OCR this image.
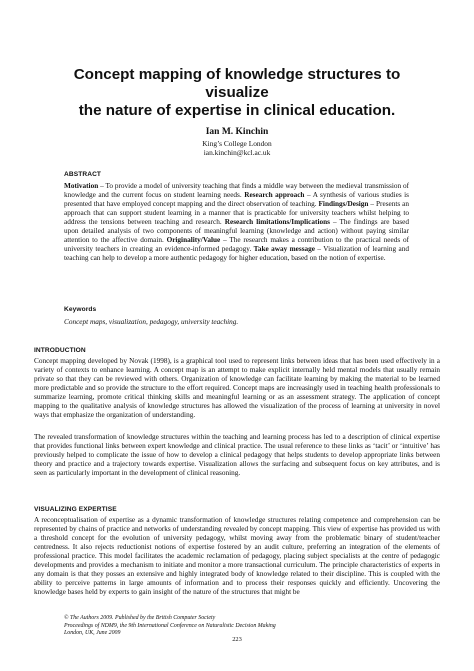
Concept mapping of knowledge structures to visualize
the nature of expertise in clinical education.
Ian M. Kinchin
King’s College London
ian.kinchin@kcl.ac.uk
ABSTRACT
Motivation – To provide a model of university teaching that finds a middle way between the medieval transmission of knowledge and the current focus on student learning needs. Research approach – A synthesis of various studies is presented that have employed concept mapping and the direct observation of teaching. Findings/Design – Presents an approach that can support student learning in a manner that is practicable for university teachers whilst helping to address the tensions between teaching and research. Research limitations/Implications – The findings are based upon detailed analysis of two components of meaningful learning (knowledge and action) without paying similar attention to the affective domain. Originality/Value – The research makes a contribution to the practical needs of university teachers in creating an evidence-informed pedagogy. Take away message – Visualization of learning and teaching can help to develop a more authentic pedagogy for higher education, based on the notion of expertise.
Keywords
Concept maps, visualization, pedagogy, university teaching.
INTRODUCTION
Concept mapping developed by Novak (1998), is a graphical tool used to represent links between ideas that has been used effectively in a variety of contexts to enhance learning. A concept map is an attempt to make explicit internally held mental models that usually remain private so that they can be reviewed with others. Organization of knowledge can facilitate learning by making the material to be learned more predictable and so provide the structure to the effort required. Concept maps are increasingly used in teaching health professionals to summarize learning, promote critical thinking skills and meaningful learning or as an assessment strategy. The application of concept mapping to the qualitative analysis of knowledge structures has allowed the visualization of the process of learning at university in novel ways that emphasize the organization of understanding.
The revealed transformation of knowledge structures within the teaching and learning process has led to a description of clinical expertise that provides functional links between expert knowledge and clinical practice. The usual reference to these links as ‘tacit’ or ‘intuitive’ has previously helped to complicate the issue of how to develop a clinical pedagogy that helps students to develop appropriate links between theory and practice and a trajectory towards expertise. Visualization allows the surfacing and subsequent focus on key attributes, and is seen as particularly important in the development of clinical reasoning.
VISUALIZING EXPERTISE
A reconceptualisation of expertise as a dynamic transformation of knowledge structures relating competence and comprehension can be represented by chains of practice and networks of understanding revealed by concept mapping. This view of expertise has provided us with a threshold concept for the evolution of university pedagogy, whilst moving away from the problematic binary of student/teacher centredness. It also rejects reductionist notions of expertise fostered by an audit culture, preferring an integration of the elements of professional practice. This model facilitates the academic reclamation of pedagogy, placing subject specialists at the centre of pedagogic developments and provides a mechanism to initiate and monitor a more transactional curriculum. The principle characteristics of experts in any domain is that they posses an extensive and highly integrated body of knowledge related to their discipline. This is coupled with the ability to perceive patterns in large amounts of information and to process their responses quickly and efficiently. Uncovering the knowledge bases held by experts to gain insight of the nature of the structures that might be
© The Authors 2009. Published by the British Computer Society
Proceedings of NDM9, the 9th International Conference on Naturalistic Decision Making
London, UK, June 2009
223
